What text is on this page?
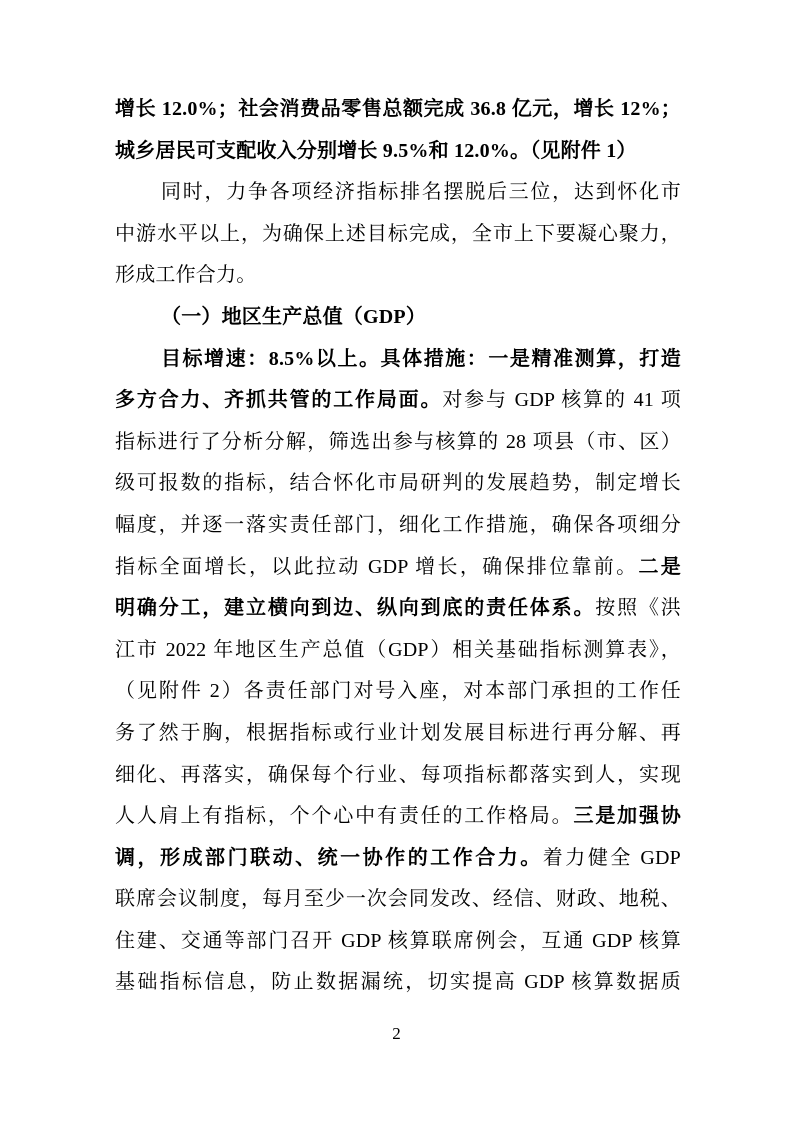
增长 12.0%；社会消费品零售总额完成 36.8 亿元，增长 12%；
城乡居民可支配收入分别增长 9.5%和 12.0%。（见附件 1）
同时，力争各项经济指标排名摆脱后三位，达到怀化市
中游水平以上，为确保上述目标完成，全市上下要凝心聚力，
形成工作合力。
（一）地区生产总值（GDP）
目标增速：8.5%以上。具体措施：一是精准测算，打造
多方合力、齐抓共管的工作局面。对参与 GDP 核算的 41 项
指标进行了分析分解，筛选出参与核算的 28 项县（市、区）
级可报数的指标，结合怀化市局研判的发展趋势，制定增长
幅度，并逐一落实责任部门，细化工作措施，确保各项细分
指标全面增长，以此拉动 GDP 增长，确保排位靠前。二是
明确分工，建立横向到边、纵向到底的责任体系。按照《洪
江市 2022 年地区生产总值（GDP）相关基础指标测算表》，
（见附件 2）各责任部门对号入座，对本部门承担的工作任
务了然于胸，根据指标或行业计划发展目标进行再分解、再
细化、再落实，确保每个行业、每项指标都落实到人，实现
人人肩上有指标，个个心中有责任的工作格局。三是加强协
调，形成部门联动、统一协作的工作合力。着力健全 GDP
联席会议制度，每月至少一次会同发改、经信、财政、地税、
住建、交通等部门召开 GDP 核算联席例会，互通 GDP 核算
基础指标信息，防止数据漏统，切实提高 GDP 核算数据质
2
